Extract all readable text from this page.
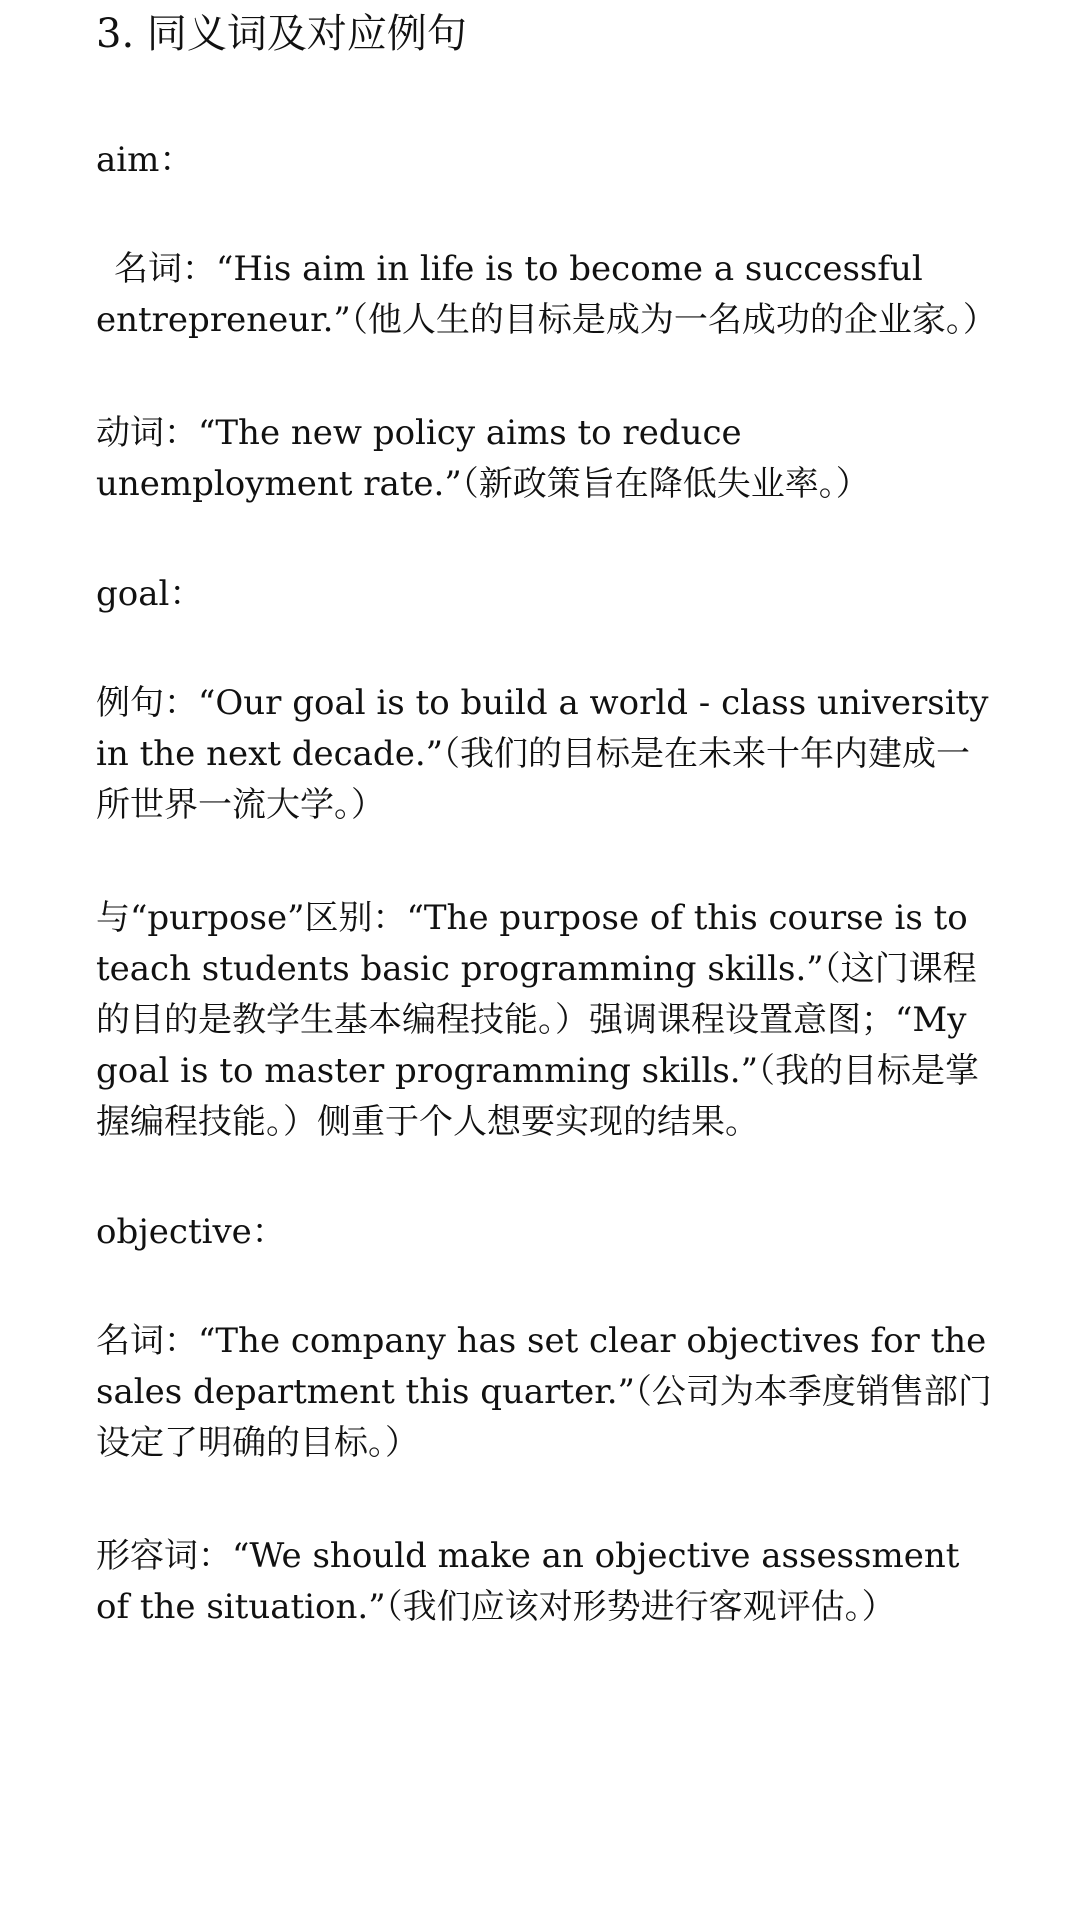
3. 同义词及对应例句
aim：
名词：“His aim in life is to become a successful entrepreneur.”（他人生的目标是成为一名成功的企业家。）
动词：“The new policy aims to reduce unemployment rate.”（新政策旨在降低失业率。）
goal：
例句：“Our goal is to build a world - class university in the next decade.”（我们的目标是在未来十年内建成一所世界一流大学。）
与“purpose”区别：“The purpose of this course is to teach students basic programming skills.”（这门课程的目的是教学生基本编程技能。）强调课程设置意图；“My goal is to master programming skills.”（我的目标是掌握编程技能。）侧重于个人想要实现的结果。
objective：
名词：“The company has set clear objectives for the sales department this quarter.”（公司为本季度销售部门设定了明确的目标。）
形容词：“We should make an objective assessment of the situation.”（我们应该对形势进行客观评估。）
